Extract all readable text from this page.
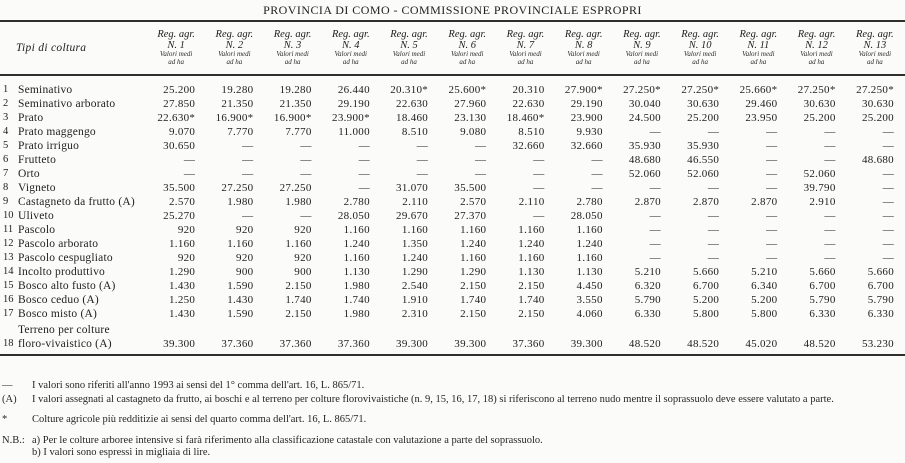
PROVINCIA DI COMO - COMMISSIONE PROVINCIALE ESPROPRI
Tipi di coltura	
Reg. agr.
N. 1
Valori medi
ad ha

Reg. agr.
N. 2
Valori medi
ad ha

Reg. agr.
N. 3
Valori medi
ad ha

Reg. agr.
N. 4
Valori medi
ad ha

Reg. agr.
N. 5
Valori medi
ad ha

Reg. agr.
N. 6
Valori medi
ad ha

Reg. agr.
N. 7
Valori medi
ad ha

Reg. agr.
N. 8
Valori medi
ad ha

Reg. agr.
N. 9
Valori medi
ad ha

Reg. agr.
N. 10
Valori medi
ad ha

Reg. agr.
N. 11
Valori medi
ad ha

Reg. agr.
N. 12
Valori medi
ad ha

Reg. agr.
N. 13
Valori medi
ad ha

1	Seminativo	25.200	19.280	19.280	26.440	20.310*	25.600*	20.310	27.900*	27.250*	27.250*	25.660*	27.250*	27.250*
2	Seminativo arborato	27.850	21.350	21.350	29.190	22.630	27.960	22.630	29.190	30.040	30.630	29.460	30.630	30.630
3	Prato	22.630*	16.900*	16.900*	23.900*	18.460	23.130	18.460*	23.900	24.500	25.200	23.950	25.200	25.200
4	Prato maggengo	9.070	7.770	7.770	11.000	8.510	9.080	8.510	9.930	—	—	—	—	—
5	Prato irriguo	30.650	—	—	—	—	—	32.660	32.660	35.930	35.930	—	—	—
6	Frutteto	—	—	—	—	—	—	—	—	48.680	46.550	—	—	48.680
7	Orto	—	—	—	—	—	—	—	—	52.060	52.060	—	52.060	—
8	Vigneto	35.500	27.250	27.250	—	31.070	35.500	—	—	—	—	—	39.790	—
9	Castagneto da frutto (A)	2.570	1.980	1.980	2.780	2.110	2.570	2.110	2.780	2.870	2.870	2.870	2.910	—
10	Uliveto	25.270	—	—	28.050	29.670	27.370	—	28.050	—	—	—	—	—
11	Pascolo	920	920	920	1.160	1.160	1.160	1.160	1.160	—	—	—	—	—
12	Pascolo arborato	1.160	1.160	1.160	1.240	1.350	1.240	1.240	1.240	—	—	—	—	—
13	Pascolo cespugliato	920	920	920	1.160	1.240	1.160	1.160	1.160	—	—	—	—	—
14	Incolto produttivo	1.290	900	900	1.130	1.290	1.290	1.130	1.130	5.210	5.660	5.210	5.660	5.660
15	Bosco alto fusto (A)	1.430	1.590	2.150	1.980	2.540	2.150	2.150	4.450	6.320	6.700	6.340	6.700	6.700
16	Bosco ceduo (A)	1.250	1.430	1.740	1.740	1.910	1.740	1.740	3.550	5.790	5.200	5.200	5.790	5.790
17	Bosco misto (A)	1.430	1.590	2.150	1.980	2.310	2.150	2.150	4.060	6.330	5.800	5.800	6.330	6.330
18	Terreno per colture
floro-vivaistico (A)	39.300	37.360	37.360	37.360	39.300	39.300	37.360	39.300	48.520	48.520	45.020	48.520	53.230
—	I valori sono riferiti all'anno 1993 ai sensi del 1° comma dell'art. 16, L. 865/71.
(A)	I valori assegnati al castagneto da frutto, ai boschi e al terreno per colture florovivaistiche (n. 9, 15, 16, 17, 18) si riferiscono al terreno nudo mentre il soprassuolo deve essere valutato a parte.
*	Colture agricole più redditizie ai sensi del quarto comma dell'art. 16, L. 865/71.
N.B.: a) Per le colture arboree intensive si farà riferimento alla classificazione catastale con valutazione a parte del soprassuolo.
b) I valori sono espressi in migliaia di lire.
